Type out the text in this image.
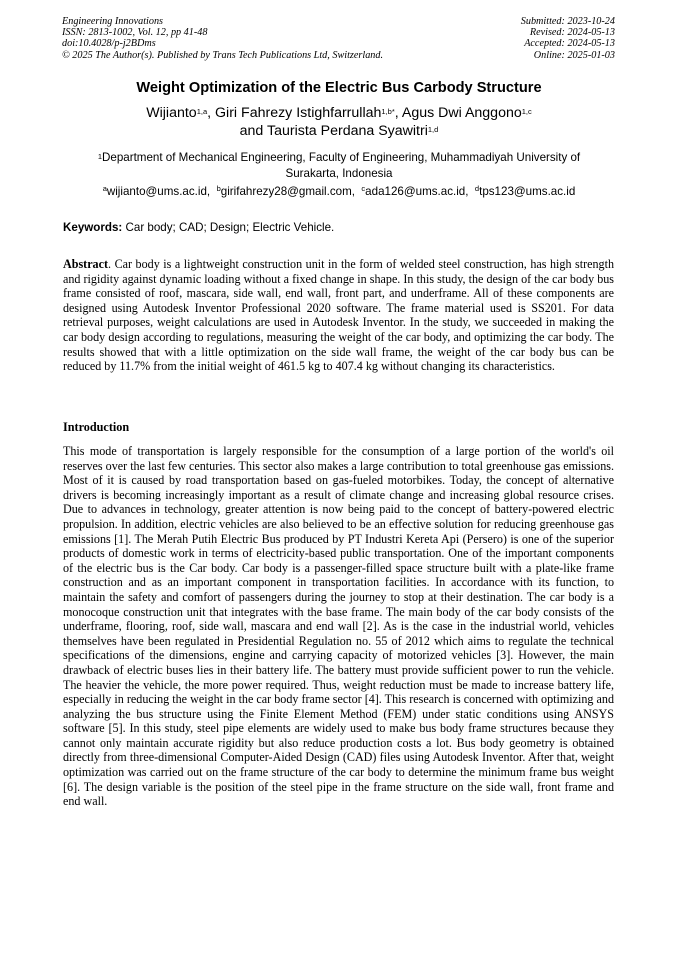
Engineering Innovations
ISSN: 2813-1002, Vol. 12, pp 41-48
doi:10.4028/p-j2BDms
© 2025 The Author(s). Published by Trans Tech Publications Ltd, Switzerland.
Submitted: 2023-10-24
Revised: 2024-05-13
Accepted: 2024-05-13
Online: 2025-01-03
Weight Optimization of the Electric Bus Carbody Structure
Wijianto$^{1,a}$, Giri Fahrezy Istighfarrullah$^{1,b*}$, Agus Dwi Anggono$^{1,c}$
and Taurista Perdana Syawitri$^{1,d}$
$^1$Department of Mechanical Engineering, Faculty of Engineering, Muhammadiyah University of Surakarta, Indonesia
$^a$wijianto@ums.ac.id, $^b$girifahrezy28@gmail.com, $^c$ada126@ums.ac.id, $^d$tps123@ums.ac.id
Keywords: Car body; CAD; Design; Electric Vehicle.

Abstract. Car body is a lightweight construction unit in the form of welded steel construction, has high strength and rigidity against dynamic loading without a fixed change in shape. In this study, the design of the car body bus frame consisted of roof, mascara, side wall, end wall, front part, and underframe. All of these components are designed using Autodesk Inventor Professional 2020 software. The frame material used is SS201. For data retrieval purposes, weight calculations are used in Autodesk Inventor. In the study, we succeeded in making the car body design according to regulations, measuring the weight of the car body, and optimizing the car body. The results showed that with a little optimization on the side wall frame, the weight of the car body bus can be reduced by 11.7% from the initial weight of 461.5 kg to 407.4 kg without changing its characteristics.

Introduction

This mode of transportation is largely responsible for the consumption of a large portion of the world's oil reserves over the last few centuries. This sector also makes a large contribution to total greenhouse gas emissions. Most of it is caused by road transportation based on gas-fueled motorbikes. Today, the concept of alternative drivers is becoming increasingly important as a result of climate change and increasing global resource crises. Due to advances in technology, greater attention is now being paid to the concept of battery-powered electric propulsion. In addition, electric vehicles are also believed to be an effective solution for reducing greenhouse gas emissions [1]. The Merah Putih Electric Bus produced by PT Industri Kereta Api (Persero) is one of the superior products of domestic work in terms of electricity-based public transportation. One of the important components of the electric bus is the Car body. Car body is a passenger-filled space structure built with a plate-like frame construction and as an important component in transportation facilities. In accordance with its function, to maintain the safety and comfort of passengers during the journey to stop at their destination. The car body is a monocoque construction unit that integrates with the base frame. The main body of the car body consists of the underframe, flooring, roof, side wall, mascara and end wall [2]. As is the case in the industrial world, vehicles themselves have been regulated in Presidential Regulation no. 55 of 2012 which aims to regulate the technical specifications of the dimensions, engine and carrying capacity of motorized vehicles [3]. However, the main drawback of electric buses lies in their battery life. The battery must provide sufficient power to run the vehicle. The heavier the vehicle, the more power required. Thus, weight reduction must be made to increase battery life, especially in reducing the weight in the car body frame sector [4]. This research is concerned with optimizing and analyzing the bus structure using the Finite Element Method (FEM) under static conditions using ANSYS software [5]. In this study, steel pipe elements are widely used to make bus body frame structures because they cannot only maintain accurate rigidity but also reduce production costs a lot. Bus body geometry is obtained directly from three-dimensional Computer-Aided Design (CAD) files using Autodesk Inventor. After that, weight optimization was carried out on the frame structure of the car body to determine the minimum frame bus weight [6]. The design variable is the position of the steel pipe in the frame structure on the side wall, front frame and end wall.
